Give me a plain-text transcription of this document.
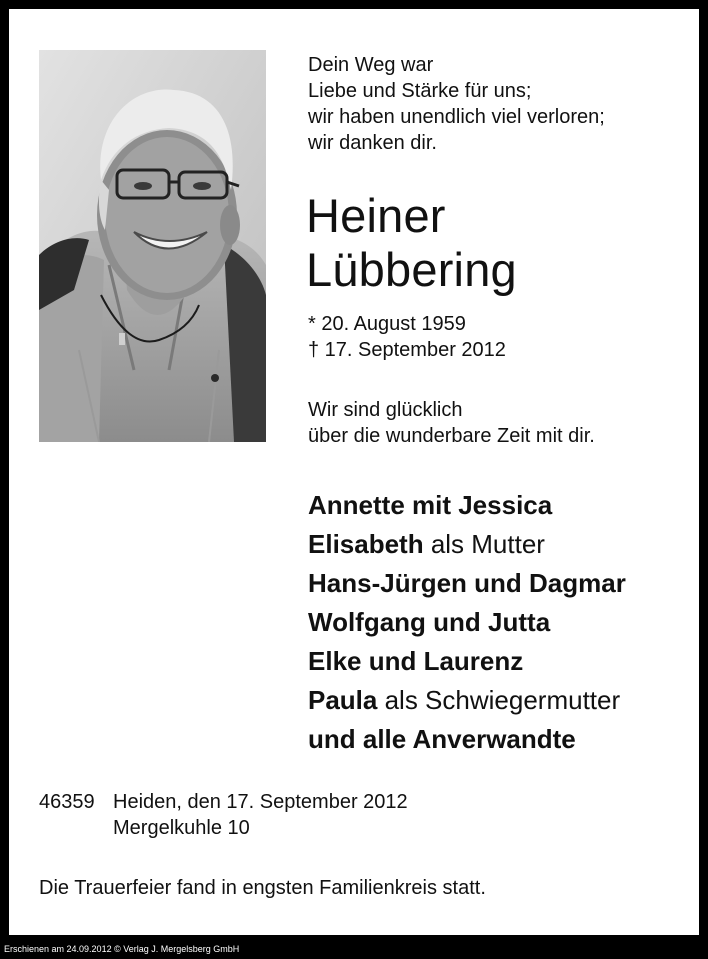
Dein Weg war
Liebe und Stärke für uns;
wir haben unendlich viel verloren;
wir danken dir.
Heiner
Lübbering
* 20. August 1959
† 17. September 2012
Wir sind glücklich
über die wunderbare Zeit mit dir.
Annette mit Jessica
Elisabeth als Mutter
Hans-Jürgen und Dagmar
Wolfgang und Jutta
Elke und Laurenz
Paula als Schwiegermutter
und alle Anverwandte
46359 Heiden, den 17. September 2012
Mergelkuhle 10
Die Trauerfeier fand in engsten Familienkreis statt.
Erschienen am 24.09.2012 © Verlag J. Mergelsberg GmbH
